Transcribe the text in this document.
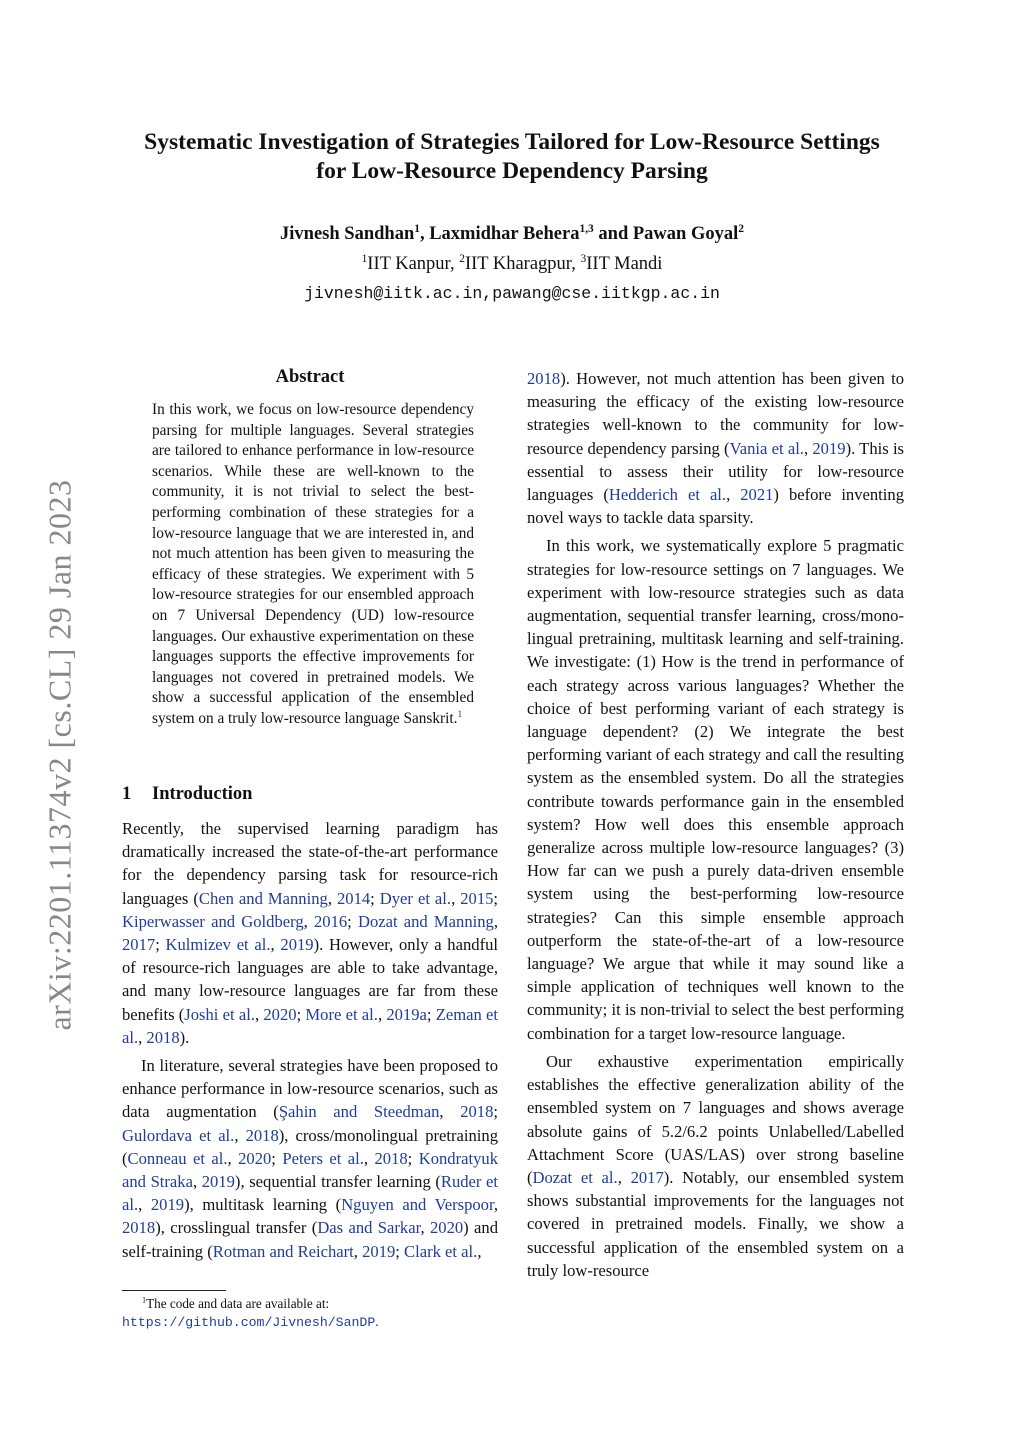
arXiv:2201.11374v2 [cs.CL] 29 Jan 2023
Systematic Investigation of Strategies Tailored for Low-Resource Settings
for Low-Resource Dependency Parsing
Jivnesh Sandhan$^1$, Laxmidhar Behera$^{1,3}$ and Pawan Goyal$^2$
$^1$IIT Kanpur, $^2$IIT Kharagpur, $^3$IIT Mandi
jivnesh@iitk.ac.in,pawang@cse.iitkgp.ac.in
Abstract
In this work, we focus on low-resource dependency parsing for multiple languages. Several strategies are tailored to enhance performance in low-resource scenarios. While these are well-known to the community, it is not trivial to select the best-performing combination of these strategies for a low-resource language that we are interested in, and not much attention has been given to measuring the efficacy of these strategies. We experiment with 5 low-resource strategies for our ensembled approach on 7 Universal Dependency (UD) low-resource languages. Our exhaustive experimentation on these languages supports the effective improvements for languages not covered in pretrained models. We show a successful application of the ensembled system on a truly low-resource language Sanskrit.$^1$
1 Introduction

Recently, the supervised learning paradigm has dramatically increased the state-of-the-art performance for the dependency parsing task for resource-rich languages (Chen and Manning, 2014; Dyer et al., 2015; Kiperwasser and Goldberg, 2016; Dozat and Manning, 2017; Kulmizev et al., 2019). However, only a handful of resource-rich languages are able to take advantage, and many low-resource languages are far from these benefits (Joshi et al., 2020; More et al., 2019a; Zeman et al., 2018).

In literature, several strategies have been proposed to enhance performance in low-resource scenarios, such as data augmentation (Şahin and Steedman, 2018; Gulordava et al., 2018), cross/monolingual pretraining (Conneau et al., 2020; Peters et al., 2018; Kondratyuk and Straka, 2019), sequential transfer learning (Ruder et al., 2019), multitask learning (Nguyen and Verspoor, 2018), crosslingual transfer (Das and Sarkar, 2020) and self-training (Rotman and Reichart, 2019; Clark et al.,

2018). However, not much attention has been given to measuring the efficacy of the existing low-resource strategies well-known to the community for low-resource dependency parsing (Vania et al., 2019). This is essential to assess their utility for low-resource languages (Hedderich et al., 2021) before inventing novel ways to tackle data sparsity.

In this work, we systematically explore 5 pragmatic strategies for low-resource settings on 7 languages. We experiment with low-resource strategies such as data augmentation, sequential transfer learning, cross/mono-lingual pretraining, multitask learning and self-training. We investigate: (1) How is the trend in performance of each strategy across various languages? Whether the choice of best performing variant of each strategy is language dependent? (2) We integrate the best performing variant of each strategy and call the resulting system as the ensembled system. Do all the strategies contribute towards performance gain in the ensembled system? How well does this ensemble approach generalize across multiple low-resource languages? (3) How far can we push a purely data-driven ensemble system using the best-performing low-resource strategies? Can this simple ensemble approach outperform the state-of-the-art of a low-resource language? We argue that while it may sound like a simple application of techniques well known to the community; it is non-trivial to select the best performing combination for a target low-resource language.

Our exhaustive experimentation empirically establishes the effective generalization ability of the ensembled system on 7 languages and shows average absolute gains of 5.2/6.2 points Unlabelled/Labelled Attachment Score (UAS/LAS) over strong baseline (Dozat et al., 2017). Notably, our ensembled system shows substantial improvements for the languages not covered in pretrained models. Finally, we show a successful application of the ensembled system on a truly low-resource

$^1$The code and data are available at: https://github.com/Jivnesh/SanDP.
